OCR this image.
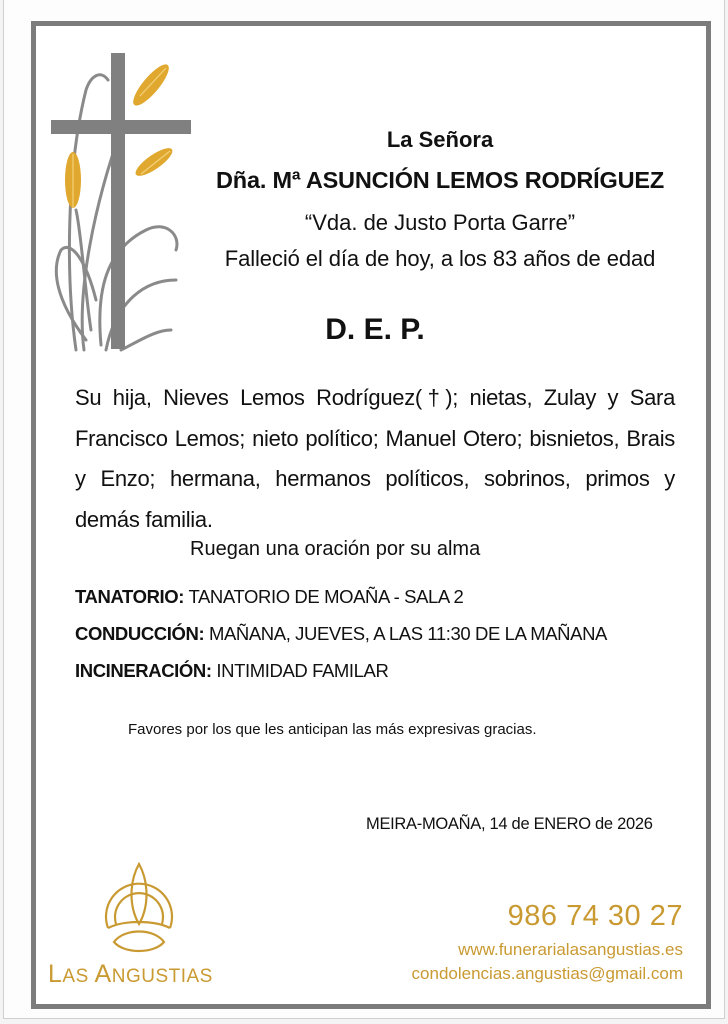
La Señora
Dña. Mª ASUNCIÓN LEMOS RODRÍGUEZ
“Vda. de Justo Porta Garre”
Falleció el día de hoy, a los 83 años de edad
D. E. P.
Su hija, Nieves Lemos Rodríguez(†); nietas, Zulay y Sara Francisco Lemos; nieto político; Manuel Otero; bisnietos, Brais y Enzo; hermana, hermanos políticos, sobrinos, primos y demás familia.
Ruegan una oración por su alma
TANATORIO: TANATORIO DE MOAÑA - SALA 2
CONDUCCIÓN: MAÑANA, JUEVES, A LAS 11:30 DE LA MAÑANA
INCINERACIÓN: INTIMIDAD FAMILAR
Favores por los que les anticipan las más expresivas gracias.
MEIRA-MOAÑA, 14 de ENERO de 2026
LAS ANGUSTIAS
986 74 30 27
www.funerarialasangustias.es
condolencias.angustias@gmail.com
